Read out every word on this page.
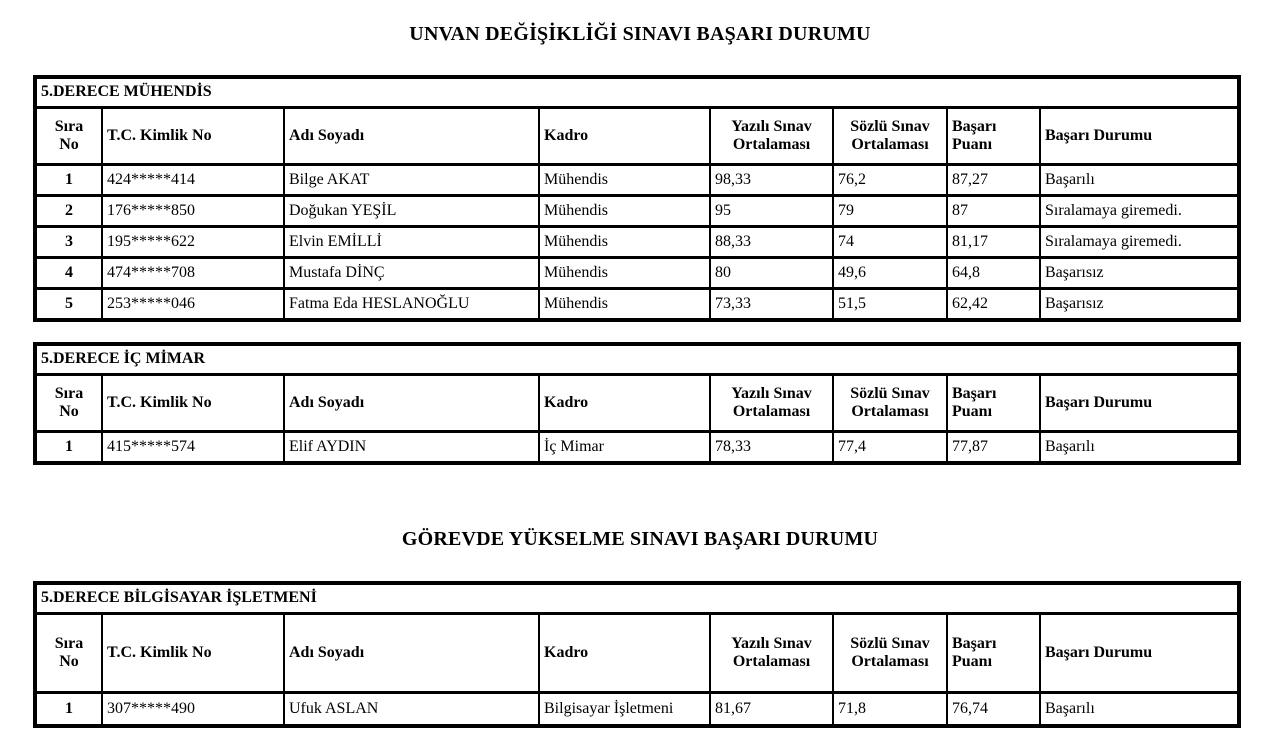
UNVAN DEĞİŞİKLİĞİ SINAVI BAŞARI DURUMU
5.DERECE MÜHENDİS							
Sıra No	T.C. Kimlik No	Adı Soyadı	Kadro	Yazılı Sınav Ortalaması	Sözlü Sınav Ortalaması	Başarı Puanı	Başarı Durumu
1	424*****414	Bilge AKAT	Mühendis	98,33	76,2	87,27	Başarılı
2	176*****850	Doğukan YEŞİL	Mühendis	95	79	87	Sıralamaya giremedi.
3	195*****622	Elvin EMİLLİ	Mühendis	88,33	74	81,17	Sıralamaya giremedi.
4	474*****708	Mustafa DİNÇ	Mühendis	80	49,6	64,8	Başarısız
5	253*****046	Fatma Eda HESLANOĞLU	Mühendis	73,33	51,5	62,42	Başarısız
5.DERECE İÇ MİMAR							
Sıra No	T.C. Kimlik No	Adı Soyadı	Kadro	Yazılı Sınav Ortalaması	Sözlü Sınav Ortalaması	Başarı Puanı	Başarı Durumu
1	415*****574	Elif AYDIN	İç Mimar	78,33	77,4	77,87	Başarılı
GÖREVDE YÜKSELME SINAVI BAŞARI DURUMU
5.DERECE BİLGİSAYAR İŞLETMENİ							
Sıra No	T.C. Kimlik No	Adı Soyadı	Kadro	Yazılı Sınav Ortalaması	Sözlü Sınav Ortalaması	Başarı Puanı	Başarı Durumu
1	307*****490	Ufuk ASLAN	Bilgisayar İşletmeni	81,67	71,8	76,74	Başarılı
